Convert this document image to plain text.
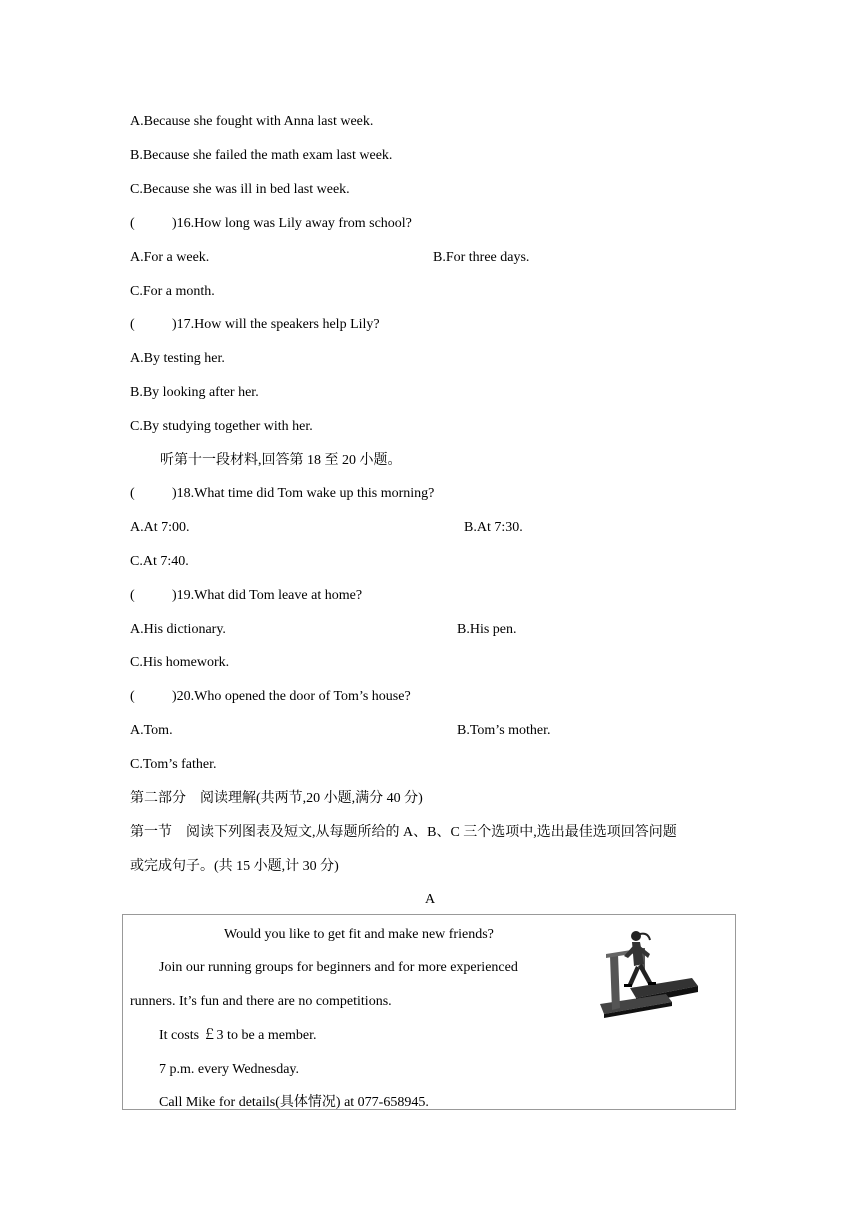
A.Because she fought with Anna last week.
B.Because she failed the math exam last week.
C.Because she was ill in bed last week.
(	)16.How long was Lily away from school?
A.For a week.	B.For three days.
C.For a month.
(	)17.How will the speakers help Lily?
A.By testing her.
B.By looking after her.
C.By studying together with her.
听第十一段材料,回答第 18 至 20 小题。
(	)18.What time did Tom wake up this morning?
A.At 7:00.	B.At 7:30.
C.At 7:40.
(	)19.What did Tom leave at home?
A.His dictionary.	B.His pen.
C.His homework.
(	)20.Who opened the door of Tom’s house?
A.Tom.	B.Tom’s mother.
C.Tom’s father.
第二部分　阅读理解(共两节,20 小题,满分 40 分)
第一节　阅读下列图表及短文,从每题所给的 A、B、C 三个选项中,选出最佳选项回答问题
或完成句子。(共 15 小题,计 30 分)
A
Would you like to get fit and make new friends?
Join our running groups for beginners and for more experienced
runners. It’s fun and there are no competitions.
It costs ￡3 to be a member.
7 p.m. every Wednesday.
Call Mike for details(具体情况) at 077-658945.
